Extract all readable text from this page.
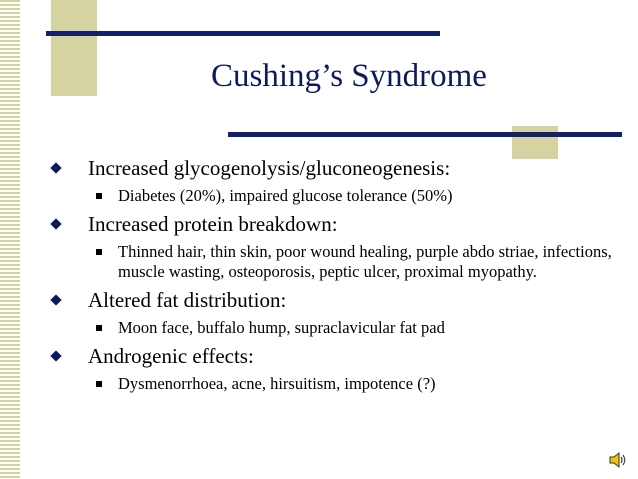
Cushing’s Syndrome
Increased glycogenolysis/gluconeogenesis:
Diabetes (20%), impaired glucose tolerance (50%)
Increased protein breakdown:
Thinned hair, thin skin, poor wound healing, purple abdo striae, infections, muscle wasting, osteoporosis, peptic ulcer, proximal myopathy.
Altered fat distribution:
Moon face, buffalo hump, supraclavicular fat pad
Androgenic effects:
Dysmenorrhoea, acne, hirsuitism, impotence (?)
